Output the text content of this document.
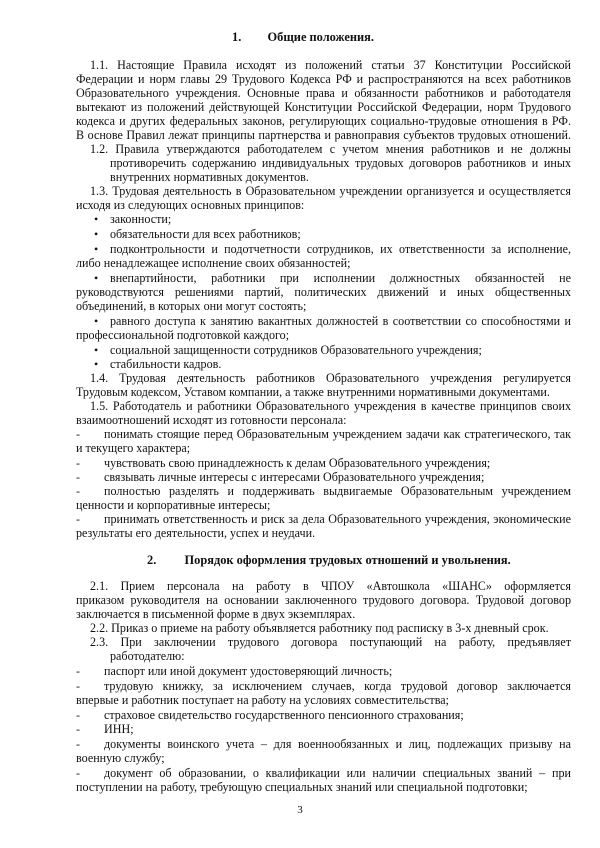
1. Общие положения.
1.1. Настоящие Правила исходят из положений статьи 37 Конституции Российской
Федерации и норм главы 29 Трудового Кодекса РФ и распространяются на всех работников
Образовательного учреждения. Основные права и обязанности работников и работодателя
вытекают из положений действующей Конституции Российской Федерации, норм Трудового
кодекса и других федеральных законов, регулирующих социально-трудовые отношения в РФ.
В основе Правил лежат принципы партнерства и равноправия субъектов трудовых отношений.
1.2. Правила утверждаются работодателем с учетом мнения работников и не должны
противоречить содержанию индивидуальных трудовых договоров работников и иных
внутренних нормативных документов.
1.3. Трудовая деятельность в Образовательном учреждении организуется и осуществляется
исходя из следующих основных принципов:
• законности;
• обязательности для всех работников;
• подконтрольности и подотчетности сотрудников, их ответственности за исполнение,
либо ненадлежащее исполнение своих обязанностей;
• внепартийности, работники при исполнении должностных обязанностей не
руководствуются решениями партий, политических движений и иных общественных
объединений, в которых они могут состоять;
• равного доступа к занятию вакантных должностей в соответствии со способностями и
профессиональной подготовкой каждого;
• социальной защищенности сотрудников Образовательного учреждения;
• стабильности кадров.
1.4. Трудовая деятельность работников Образовательного учреждения регулируется
Трудовым кодексом, Уставом компании, а также внутренними нормативными документами.
1.5. Работодатель и работники Образовательного учреждения в качестве принципов своих
взаимоотношений исходят из готовности персонала:
- понимать стоящие перед Образовательным учреждением задачи как стратегического, так
и текущего характера;
- чувствовать свою принадлежность к делам Образовательного учреждения;
- связывать личные интересы с интересами Образовательного учреждения;
- полностью разделять и поддерживать выдвигаемые Образовательным учреждением
ценности и корпоративные интересы;
- принимать ответственность и риск за дела Образовательного учреждения, экономические
результаты его деятельности, успех и неудачи.
2. Порядок оформления трудовых отношений и увольнения.
2.1. Прием персонала на работу в ЧПОУ «Автошкола «ШАНС» оформляется
приказом руководителя на основании заключенного трудового договора. Трудовой договор
заключается в письменной форме в двух экземплярах.
2.2. Приказ о приеме на работу объявляется работнику под расписку в 3-х дневный срок.
2.3. При заключении трудового договора поступающий на работу, предъявляет
работодателю:
- паспорт или иной документ удостоверяющий личность;
- трудовую книжку, за исключением случаев, когда трудовой договор заключается
впервые и работник поступает на работу на условиях совместительства;
- страховое свидетельство государственного пенсионного страхования;
- ИНН;
- документы воинского учета – для военнообязанных и лиц, подлежащих призыву на
военную службу;
- документ об образовании, о квалификации или наличии специальных званий – при
поступлении на работу, требующую специальных знаний или специальной подготовки;
3
